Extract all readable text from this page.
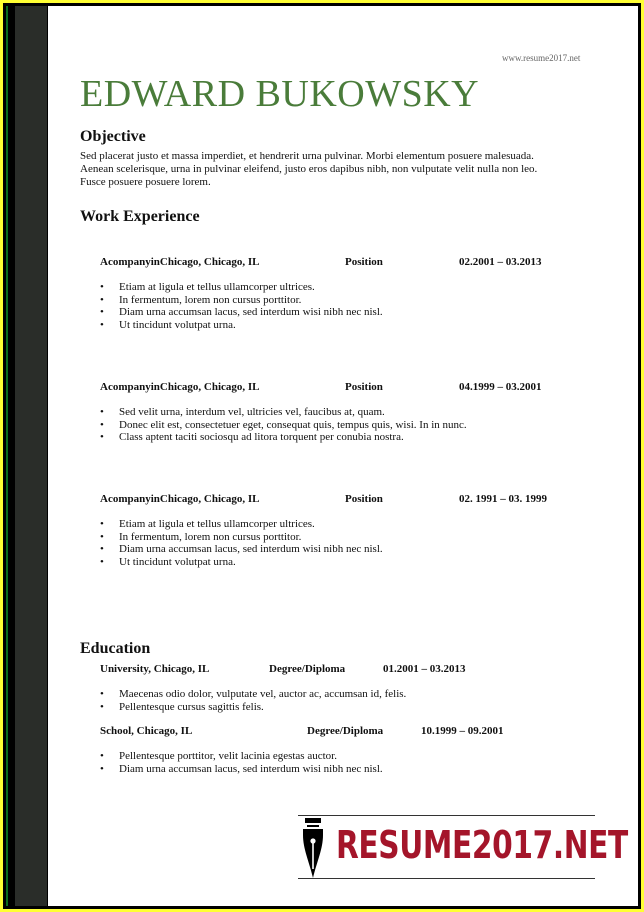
www.resume2017.net
EDWARD BUKOWSKY
Objective
Sed placerat justo et massa imperdiet, et hendrerit urna pulvinar. Morbi elementum posuere malesuada.
Aenean scelerisque, urna in pulvinar eleifend, justo eros dapibus nibh, non vulputate velit nulla non leo.
Fusce posuere posuere lorem.
Work Experience
AcompanyinChicago, Chicago, IL	Position	02.2001 – 03.2013
• Etiam at ligula et tellus ullamcorper ultrices.
• In fermentum, lorem non cursus porttitor.
• Diam urna accumsan lacus, sed interdum wisi nibh nec nisl.
• Ut tincidunt volutpat urna.
AcompanyinChicago, Chicago, IL	Position	04.1999 – 03.2001
• Sed velit urna, interdum vel, ultricies vel, faucibus at, quam.
• Donec elit est, consectetuer eget, consequat quis, tempus quis, wisi. In in nunc.
• Class aptent taciti sociosqu ad litora torquent per conubia nostra.
AcompanyinChicago, Chicago, IL	Position	02. 1991 – 03. 1999
• Etiam at ligula et tellus ullamcorper ultrices.
• In fermentum, lorem non cursus porttitor.
• Diam urna accumsan lacus, sed interdum wisi nibh nec nisl.
• Ut tincidunt volutpat urna.
Education
University, Chicago, IL	Degree/Diploma	01.2001 – 03.2013
• Maecenas odio dolor, vulputate vel, auctor ac, accumsan id, felis.
• Pellentesque cursus sagittis felis.
School, Chicago, IL	Degree/Diploma	10.1999 – 09.2001
• Pellentesque porttitor, velit lacinia egestas auctor.
• Diam urna accumsan lacus, sed interdum wisi nibh nec nisl.
RESUME2017.NET
